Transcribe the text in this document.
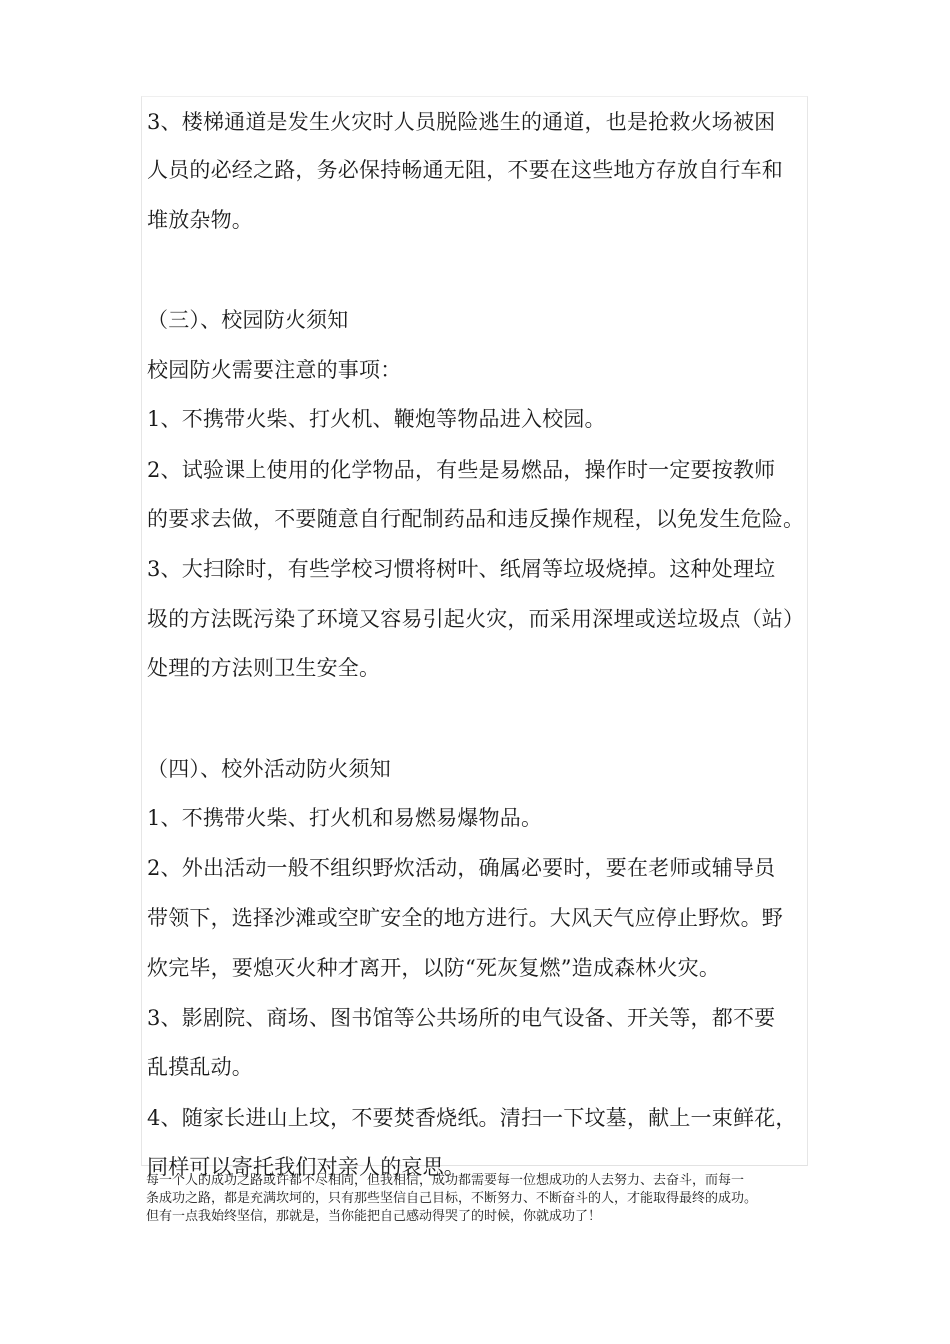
3、楼梯通道是发生火灾时人员脱险逃生的通道，也是抢救火场被困
人员的必经之路，务必保持畅通无阻，不要在这些地方存放自行车和
堆放杂物。
（三）、校园防火须知
校园防火需要注意的事项：
1、不携带火柴、打火机、鞭炮等物品进入校园。
2、试验课上使用的化学物品，有些是易燃品，操作时一定要按教师
的要求去做，不要随意自行配制药品和违反操作规程，以免发生危险。
3、大扫除时，有些学校习惯将树叶、纸屑等垃圾烧掉。这种处理垃
圾的方法既污染了环境又容易引起火灾，而采用深埋或送垃圾点（站）
处理的方法则卫生安全。
（四）、校外活动防火须知
1、不携带火柴、打火机和易燃易爆物品。
2、外出活动一般不组织野炊活动，确属必要时，要在老师或辅导员
带领下，选择沙滩或空旷安全的地方进行。大风天气应停止野炊。野
炊完毕，要熄灭火种才离开，以防“死灰复燃”造成森林火灾。
3、影剧院、商场、图书馆等公共场所的电气设备、开关等，都不要
乱摸乱动。
4、随家长进山上坟，不要焚香烧纸。清扫一下坟墓，献上一束鲜花，
同样可以寄托我们对亲人的哀思。
每一个人的成功之路或许都不尽相同，但我相信，成功都需要每一位想成功的人去努力、去奋斗，而每一
条成功之路，都是充满坎坷的，只有那些坚信自己目标，不断努力、不断奋斗的人，才能取得最终的成功。
但有一点我始终坚信，那就是，当你能把自己感动得哭了的时候，你就成功了！
